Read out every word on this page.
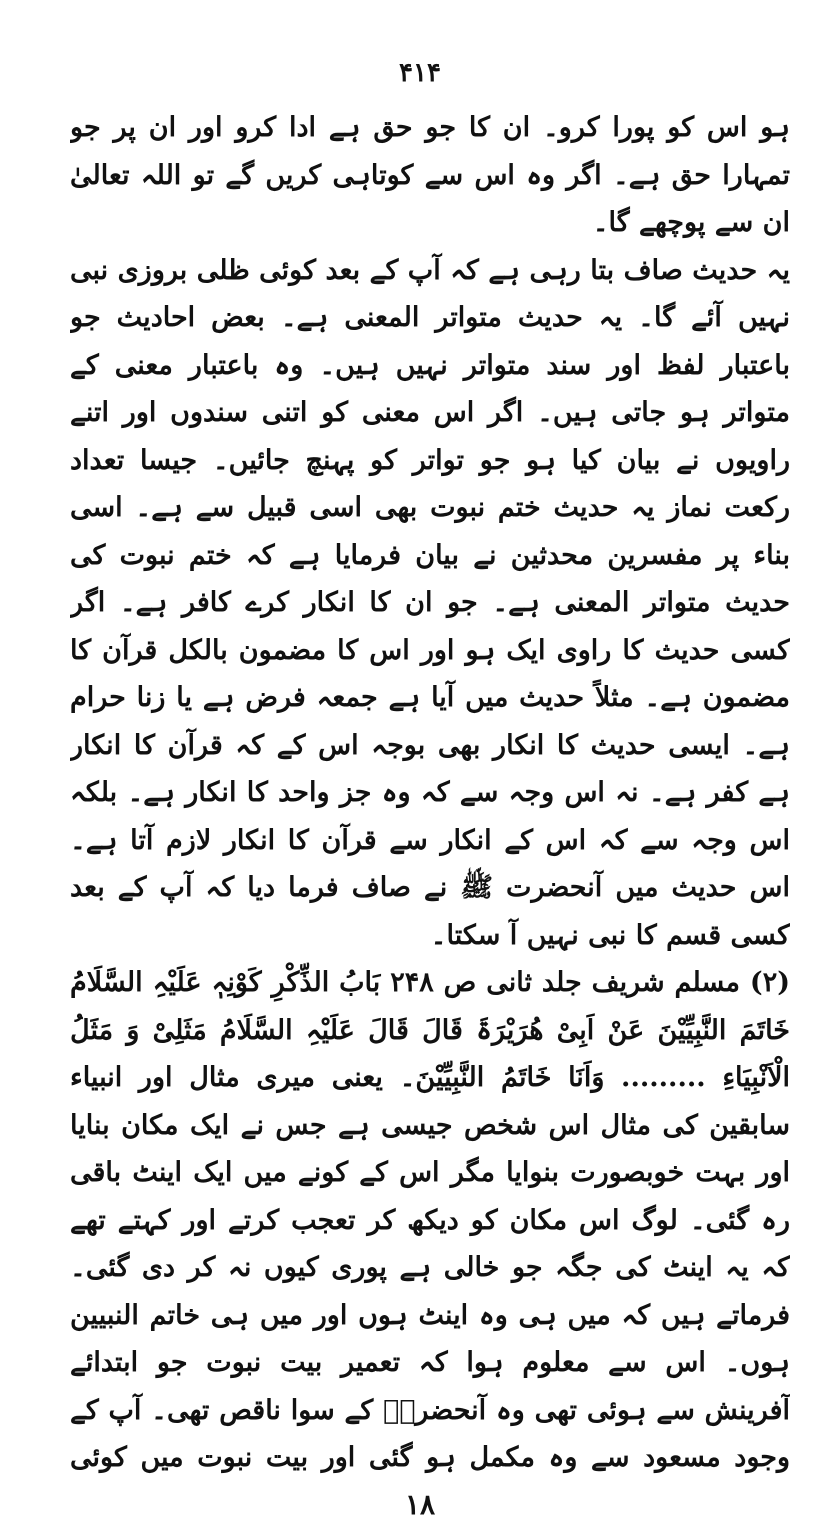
۴۱۴

ہو اس کو پورا کرو۔ ان کا جو حق ہے ادا کرو اور ان پر جو تمہارا حق ہے۔ اگر وہ اس سے کوتاہی کریں گے تو اللہ تعالیٰ ان سے پوچھے گا۔

یہ حدیث صاف بتا رہی ہے کہ آپ کے بعد کوئی ظلی بروزی نبی نہیں آئے گا۔ یہ حدیث متواتر المعنی ہے۔ بعض احادیث جو باعتبار لفظ اور سند متواتر نہیں ہیں۔ وہ باعتبار معنی کے متواتر ہو جاتی ہیں۔ اگر اس معنی کو اتنی سندوں اور اتنے راویوں نے بیان کیا ہو جو تواتر کو پہنچ جائیں۔ جیسا تعداد رکعت نماز یہ حدیث ختم نبوت بھی اسی قبیل سے ہے۔ اسی بناء پر مفسرین محدثین نے بیان فرمایا ہے کہ ختم نبوت کی حدیث متواتر المعنی ہے۔ جو ان کا انکار کرے کافر ہے۔ اگر کسی حدیث کا راوی ایک ہو اور اس کا مضمون بالکل قرآن کا مضمون ہے۔ مثلاً حدیث میں آیا ہے جمعہ فرض ہے یا زنا حرام ہے۔ ایسی حدیث کا انکار بھی بوجہ اس کے کہ قرآن کا انکار ہے کفر ہے۔ نہ اس وجہ سے کہ وہ جز واحد کا انکار ہے۔ بلکہ اس وجہ سے کہ اس کے انکار سے قرآن کا انکار لازم آتا ہے۔ اس حدیث میں آنحضرت ﷺ نے صاف فرما دیا کہ آپ کے بعد کسی قسم کا نبی نہیں آ سکتا۔

(۲) مسلم شریف جلد ثانی ص ۲۴۸ بَابُ الذِّکْرِ کَوْنِہٖ عَلَیْہِ السَّلَامُ خَاتَمَ النَّبِیِّیْنَ عَنْ اَبِیْ ھُرَیْرَۃَ قَالَ قَالَ عَلَیْہِ السَّلَامُ مَثَلِیْ وَ مَثَلُ الْاَنْبِیَاءِ ......... وَاَنَا خَاتَمُ النَّبِیِّیْنَ۔ یعنی میری مثال اور انبیاء سابقین کی مثال اس شخص جیسی ہے جس نے ایک مکان بنایا اور بہت خوبصورت بنوایا مگر اس کے کونے میں ایک اینٹ باقی رہ گئی۔ لوگ اس مکان کو دیکھ کر تعجب کرتے اور کہتے تھے کہ یہ اینٹ کی جگہ جو خالی ہے پوری کیوں نہ کر دی گئی۔ فرماتے ہیں کہ میں ہی وہ اینٹ ہوں اور میں ہی خاتم النبیین ہوں۔ اس سے معلوم ہوا کہ تعمیر بیت نبوت جو ابتدائے آفرینش سے ہوئی تھی وہ آنحضرتؐ کے سوا ناقص تھی۔ آپ کے وجود مسعود سے وہ مکمل ہو گئی اور بیت نبوت میں کوئی

۱۸
